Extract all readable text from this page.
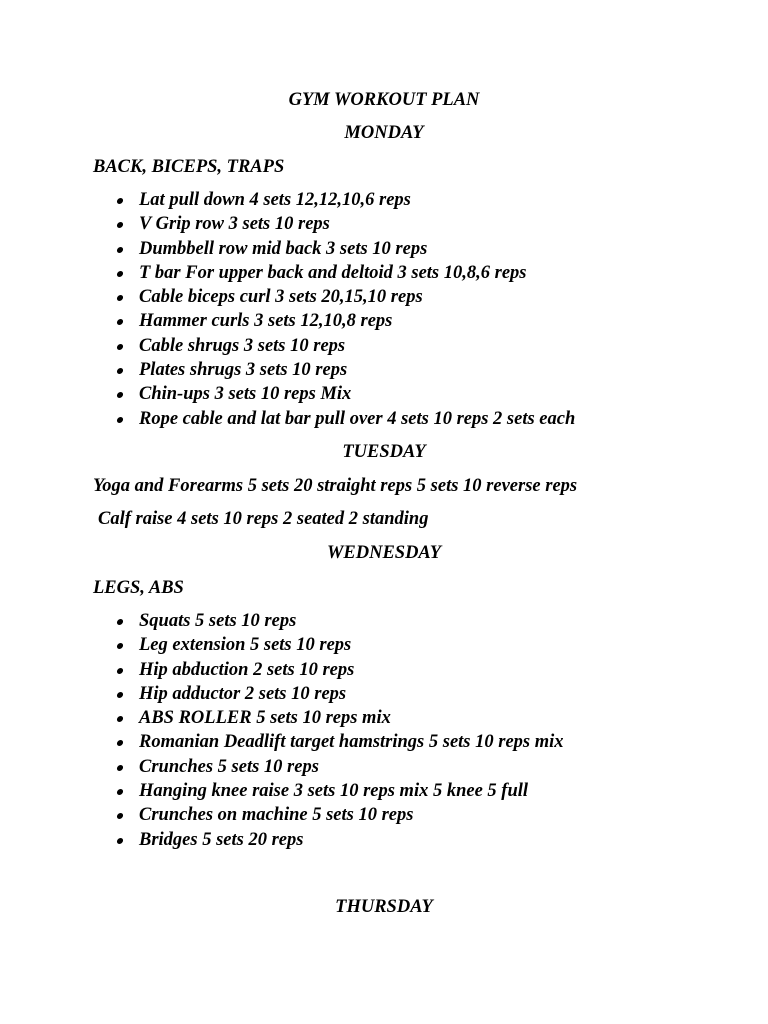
GYM WORKOUT PLAN
MONDAY
BACK, BICEPS, TRAPS
Lat pull down 4 sets 12,12,10,6 reps
V Grip row 3 sets 10 reps
Dumbbell row mid back 3 sets 10 reps
T bar For upper back and deltoid 3 sets 10,8,6 reps
Cable biceps curl 3 sets 20,15,10 reps
Hammer curls 3 sets 12,10,8 reps
Cable shrugs 3 sets 10 reps
Plates shrugs 3 sets 10 reps
Chin-ups 3 sets 10 reps Mix
Rope cable and lat bar pull over 4 sets 10 reps 2 sets each
TUESDAY
Yoga and Forearms 5 sets 20 straight reps 5 sets 10 reverse reps
Calf raise 4 sets 10 reps 2 seated 2 standing
WEDNESDAY
LEGS, ABS
Squats 5 sets 10 reps
Leg extension 5 sets 10 reps
Hip abduction 2 sets 10 reps
Hip adductor 2 sets 10 reps
ABS ROLLER 5 sets 10 reps mix
Romanian Deadlift target hamstrings 5 sets 10 reps mix
Crunches 5 sets 10 reps
Hanging knee raise 3 sets 10 reps mix 5 knee 5 full
Crunches on machine 5 sets 10 reps
Bridges 5 sets 20 reps
THURSDAY
